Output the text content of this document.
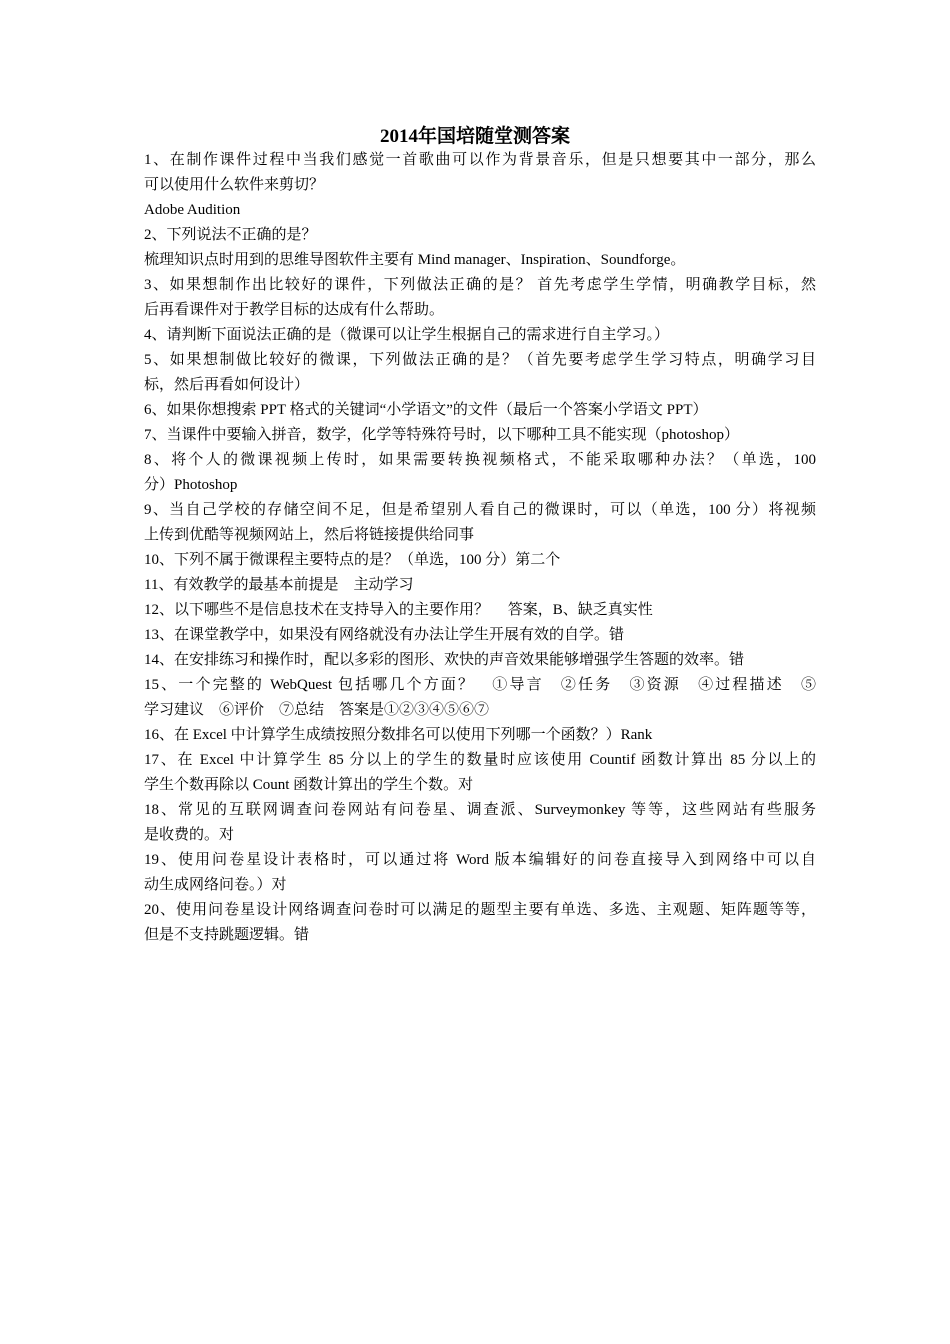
2014年国培随堂测答案
1、在制作课件过程中当我们感觉一首歌曲可以作为背景音乐，但是只想要其中一部分，那么
可以使用什么软件来剪切？
Adobe Audition
2、下列说法不正确的是？
梳理知识点时用到的思维导图软件主要有 Mind manager、Inspiration、Soundforge。
3、如果想制作出比较好的课件，下列做法正确的是？ 首先考虑学生学情，明确教学目标，然
后再看课件对于教学目标的达成有什么帮助。
4、请判断下面说法正确的是（微课可以让学生根据自己的需求进行自主学习。）
5、如果想制做比较好的微课，下列做法正确的是？（首先要考虑学生学习特点，明确学习目
标，然后再看如何设计）
6、如果你想搜索 PPT 格式的关键词“小学语文”的文件（最后一个答案小学语文 PPT）
7、当课件中要输入拼音，数学，化学等特殊符号时，以下哪种工具不能实现（photoshop）
8、将个人的微课视频上传时，如果需要转换视频格式，不能采取哪种办法？（单选，100
分）Photoshop
9、当自己学校的存储空间不足，但是希望别人看自己的微课时，可以（单选，100 分）将视频
上传到优酷等视频网站上，然后将链接提供给同事
10、下列不属于微课程主要特点的是？（单选，100 分）第二个
11、有效教学的最基本前提是　主动学习
12、以下哪些不是信息技术在支持导入的主要作用？　 答案，B、缺乏真实性
13、在课堂教学中，如果没有网络就没有办法让学生开展有效的自学。错
14、在安排练习和操作时，配以多彩的图形、欢快的声音效果能够增强学生答题的效率。错
15、一个完整的 WebQuest 包括哪几个方面？　①导言　②任务　③资源　④过程描述　⑤
学习建议　⑥评价　⑦总结　答案是①②③④⑤⑥⑦
16、在 Excel 中计算学生成绩按照分数排名可以使用下列哪一个函数？）Rank
17、在 Excel 中计算学生 85 分以上的学生的数量时应该使用 Countif 函数计算出 85 分以上的
学生个数再除以 Count 函数计算出的学生个数。对
18、常见的互联网调查问卷网站有问卷星、调查派、Surveymonkey 等等，这些网站有些服务
是收费的。对
19、使用问卷星设计表格时，可以通过将 Word 版本编辑好的问卷直接导入到网络中可以自
动生成网络问卷。）对
20、使用问卷星设计网络调查问卷时可以满足的题型主要有单选、多选、主观题、矩阵题等等，
但是不支持跳题逻辑。错
